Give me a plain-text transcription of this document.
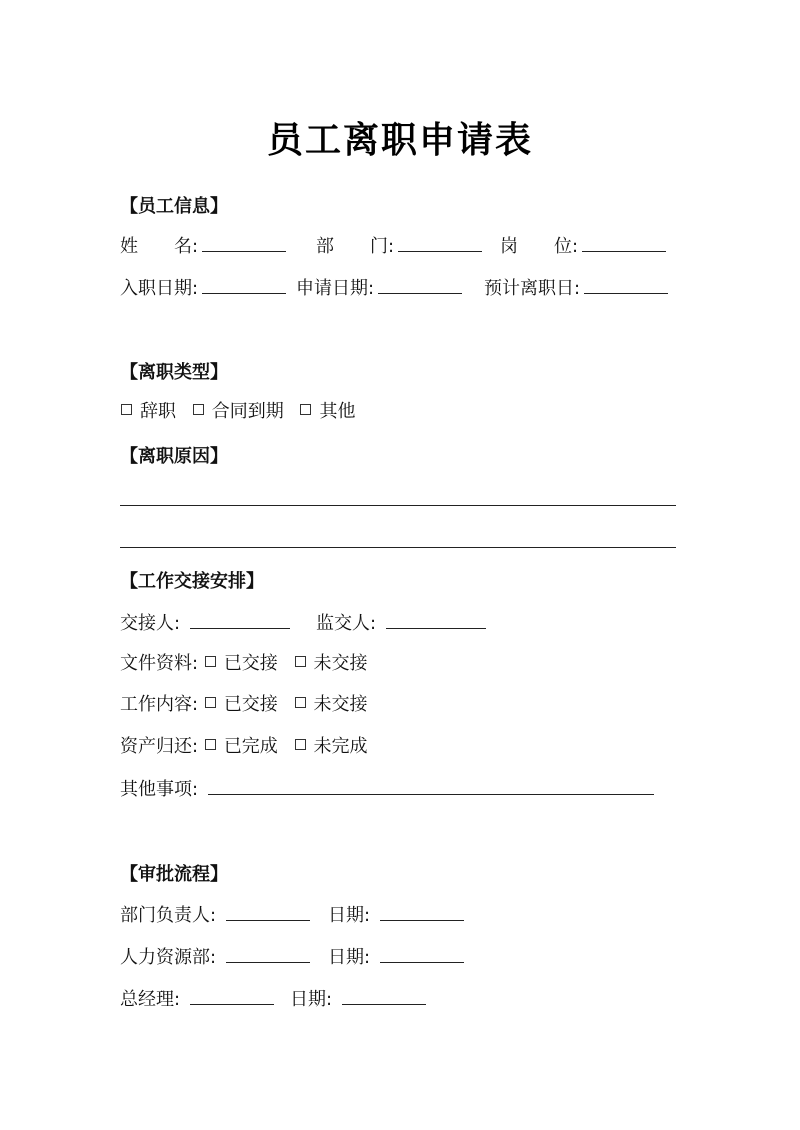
员工离职申请表
【员工信息】
姓　　名:	部　　门:	岗　　位:
入职日期:	申请日期:	预计离职日:
【离职类型】
辞职 合同到期 其他
【离职原因】
【工作交接安排】
交接人:	监交人:
文件资料: 已交接 未交接
工作内容: 已交接 未交接
资产归还: 已完成 未完成
其他事项:
【审批流程】
部门负责人:	日期:
人力资源部:	日期:
总经理:	日期:
